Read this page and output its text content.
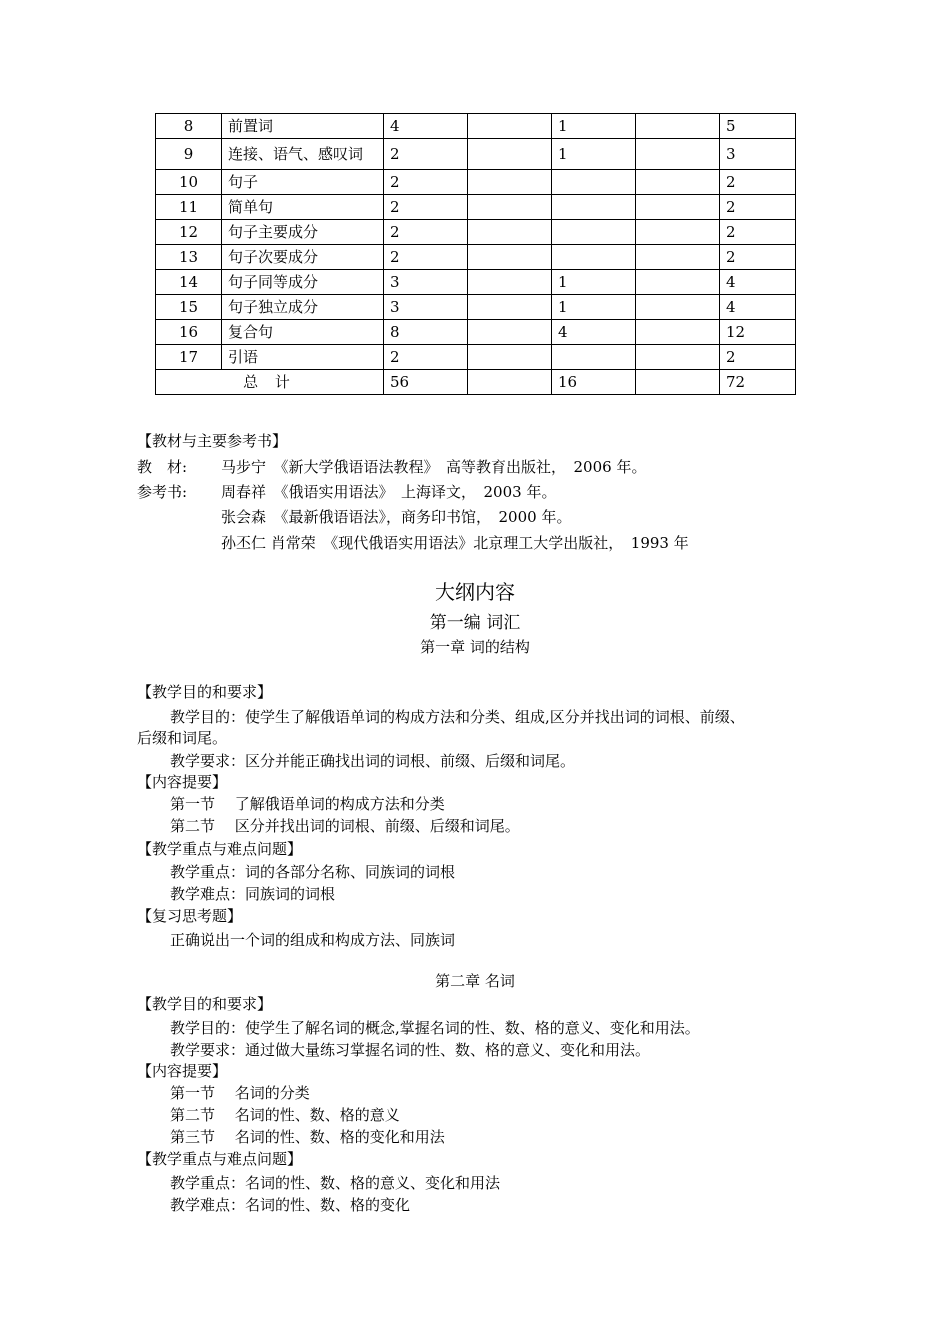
8	前置词	4		1		5
9	连接、语气、感叹词	2		1		3
10	句子	2				2
11	简单句	2				2
12	句子主要成分	2				2
13	句子次要成分	2				2
14	句子同等成分	3		1		4
15	句子独立成分	3		1		4
16	复合句	8		4		12
17	引语	2				2
总 计		56		16		72
【教材与主要参考书】
教　材: 马步宁　《新大学俄语语法教程》　高等教育出版社，　2006 年。
参考书: 周春祥　《俄语实用语法》　上海译文，　2003 年。
张会森　《最新俄语语法》，商务印书馆，　2000 年。
孙丕仁 肖常荣　《现代俄语实用语法》北京理工大学出版社，　1993 年
大纲内容
第一编 词汇
第一章 词的结构
【教学目的和要求】
教学目的：使学生了解俄语单词的构成方法和分类、组成,区分并找出词的词根、前缀、
后缀和词尾。
教学要求：区分并能正确找出词的词根、前缀、后缀和词尾。
【内容提要】
第一节　 了解俄语单词的构成方法和分类
第二节　 区分并找出词的词根、前缀、后缀和词尾。
【教学重点与难点问题】
教学重点：词的各部分名称、同族词的词根
教学难点：同族词的词根
【复习思考题】
正确说出一个词的组成和构成方法、同族词
第二章 名词
【教学目的和要求】
教学目的：使学生了解名词的概念,掌握名词的性、数、格的意义、变化和用法。
教学要求：通过做大量练习掌握名词的性、数、格的意义、变化和用法。
【内容提要】
第一节　 名词的分类
第二节　 名词的性、数、格的意义
第三节　 名词的性、数、格的变化和用法
【教学重点与难点问题】
教学重点：名词的性、数、格的意义、变化和用法
教学难点：名词的性、数、格的变化
